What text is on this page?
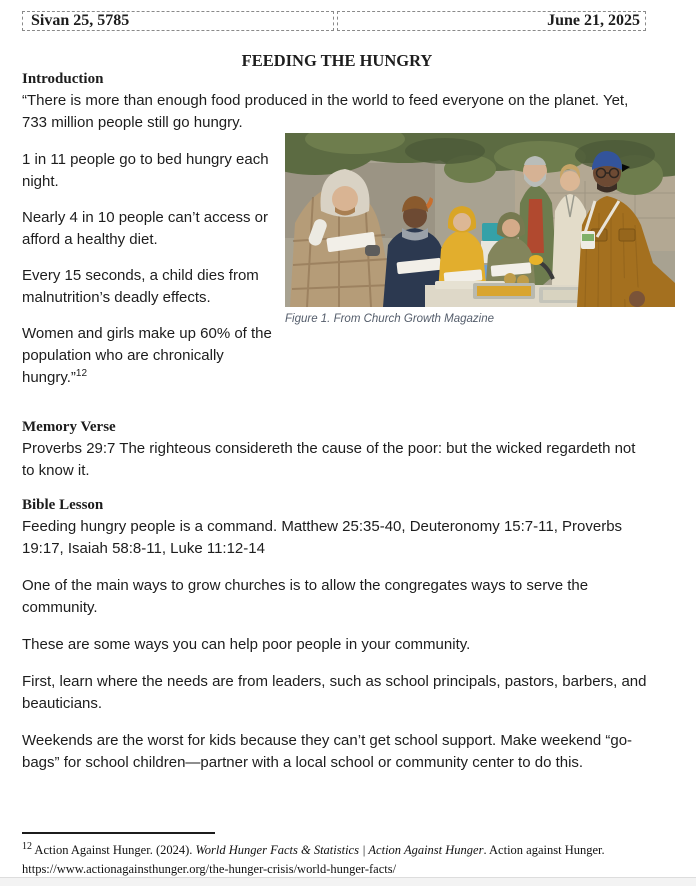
Sivan 25, 5785	June 21, 2025
FEEDING THE HUNGRY
Introduction

“There is more than enough food produced in the world to feed everyone on the planet. Yet, 733 million people still go hungry.

1 in 11 people go to bed hungry each night.

Nearly 4 in 10 people can’t access or afford a healthy diet.

Every 15 seconds, a child dies from malnutrition’s deadly effects.

Women and girls make up 60% of the population who are chronically hungry.”$^{12}$

Memory Verse

Proverbs 29:7 The righteous considereth the cause of the poor: but the wicked regardeth not to know it.

Bible Lesson

Feeding hungry people is a command. Matthew 25:35-40, Deuteronomy 15:7-11, Proverbs 19:17, Isaiah 58:8-11, Luke 11:12-14

One of the main ways to grow churches is to allow the congregates ways to serve the community.

These are some ways you can help poor people in your community.

First, learn where the needs are from leaders, such as school principals, pastors, barbers, and beauticians.

Weekends are the worst for kids because they can’t get school support. Make weekend “go-bags” for school children—partner with a local school or community center to do this.

Figure 1. From Church Growth Magazine

$^{12}$ Action Against Hunger. (2024). World Hunger Facts & Statistics | Action Against Hunger. Action against Hunger. https://www.actionagainsthunger.org/the-hunger-crisis/world-hunger-facts/
